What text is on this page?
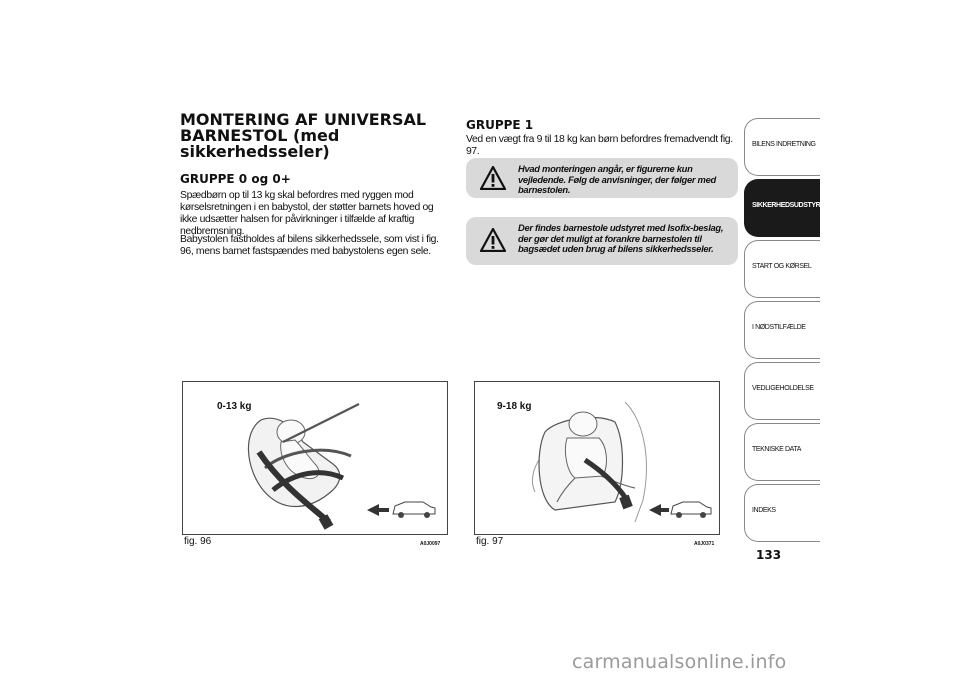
MONTERING AF UNIVERSAL BARNESTOL (med sikkerhedsseler)
GRUPPE 0 og 0+

Spædbørn op til 13 kg skal befordres med ryggen mod kørselsretningen i en babystol, der støtter barnets hoved og ikke udsætter halsen for påvirkninger i tilfælde af kraftig nedbremsning.

Babystolen fastholdes af bilens sikkerhedssele, som vist i fig. 96, mens barnet fastspændes med babystolens egen sele.

GRUPPE 1

Ved en vægt fra 9 til 18 kg kan børn befordres fremadvendt fig. 97.

Hvad monteringen angår, er figurerne kun vejledende. Følg de anvisninger, der følger med barnestolen.
Der findes barnestole udstyret med Isofix-beslag, der gør det muligt at forankre barnestolen til bagsædet uden brug af bilens sikkerhedsseler.
0-13 kg
fig. 96	A0J0097
9-18 kg
fig. 97	A0J0371
BILENS INDRETNING
SIKKERHEDSUDSTYR
START OG KØRSEL
I NØDSTILFÆLDE
VEDLIGEHOLDELSE
TEKNISKE DATA
INDEKS
133
carmanualsonline.info
